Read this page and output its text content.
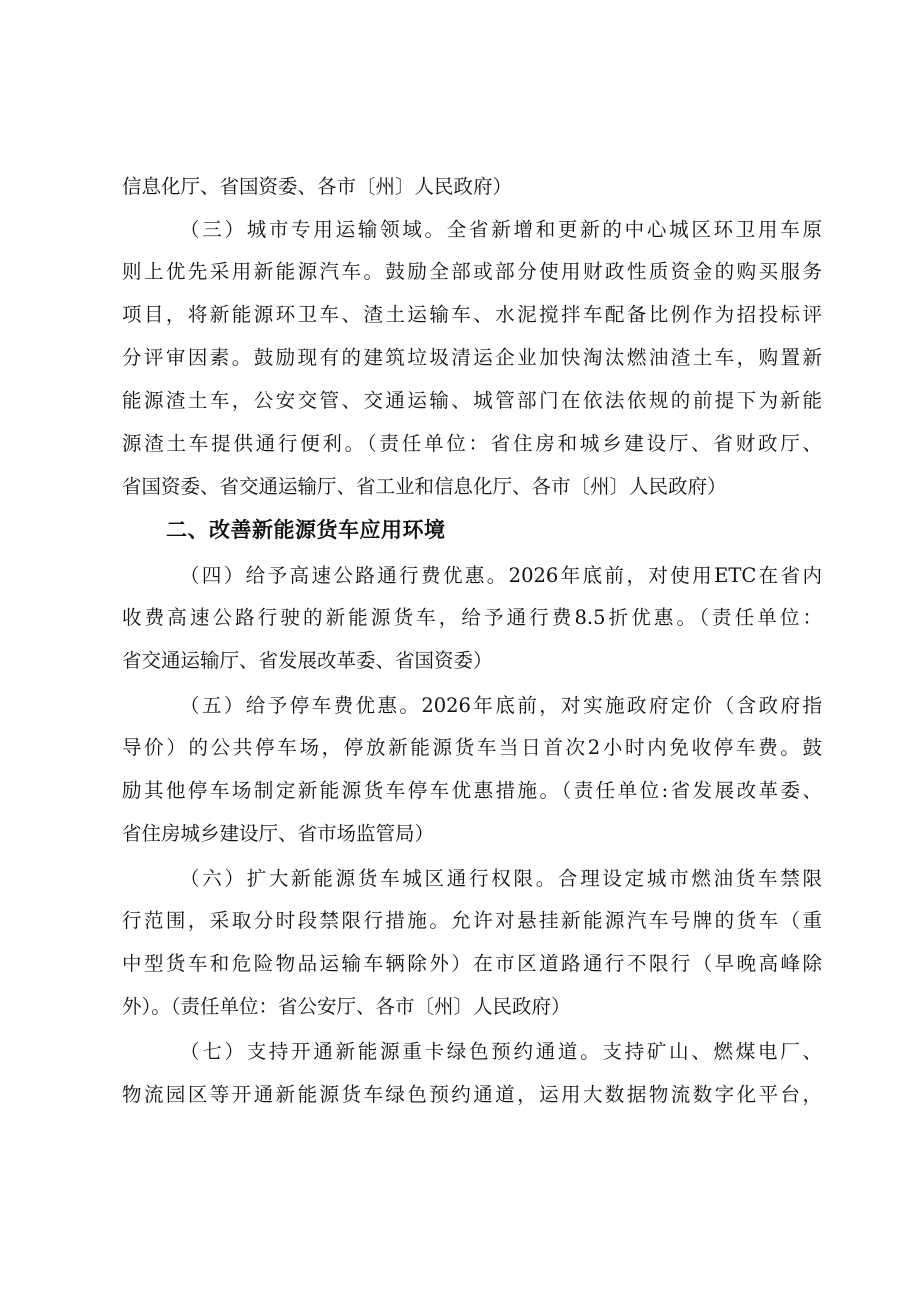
信息化厅、省国资委、各市〔州〕人民政府）
（三）城市专用运输领域。全省新增和更新的中心城区环卫用车原
则上优先采用新能源汽车。鼓励全部或部分使用财政性质资金的购买服务
项目，将新能源环卫车、渣土运输车、水泥搅拌车配备比例作为招投标评
分评审因素。鼓励现有的建筑垃圾清运企业加快淘汰燃油渣土车，购置新
能源渣土车，公安交管、交通运输、城管部门在依法依规的前提下为新能
源渣土车提供通行便利。（责任单位：省住房和城乡建设厅、省财政厅、
省国资委、省交通运输厅、省工业和信息化厅、各市〔州〕人民政府）
二、改善新能源货车应用环境
（四）给予高速公路通行费优惠。2026年底前，对使用ETC在省内
收费高速公路行驶的新能源货车，给予通行费8.5折优惠。（责任单位：
省交通运输厅、省发展改革委、省国资委）
（五）给予停车费优惠。2026年底前，对实施政府定价（含政府指
导价）的公共停车场，停放新能源货车当日首次2小时内免收停车费。鼓
励其他停车场制定新能源货车停车优惠措施。（责任单位:省发展改革委、
省住房城乡建设厅、省市场监管局）
（六）扩大新能源货车城区通行权限。合理设定城市燃油货车禁限
行范围，采取分时段禁限行措施。允许对悬挂新能源汽车号牌的货车（重
中型货车和危险物品运输车辆除外）在市区道路通行不限行（早晚高峰除
外）。（责任单位：省公安厅、各市〔州〕人民政府）
（七）支持开通新能源重卡绿色预约通道。支持矿山、燃煤电厂、
物流园区等开通新能源货车绿色预约通道，运用大数据物流数字化平台，
